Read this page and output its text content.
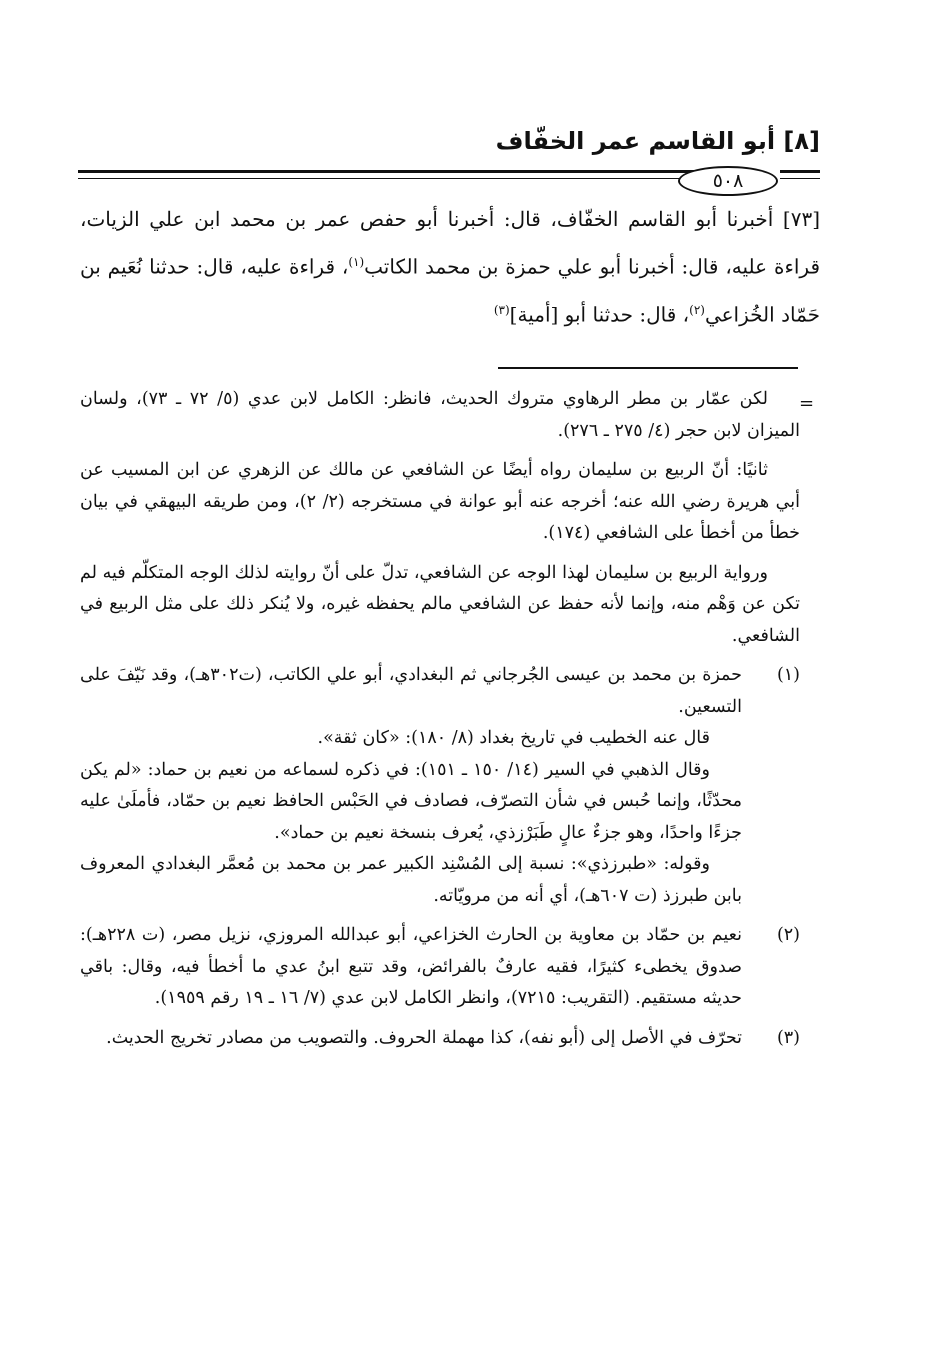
[٨] أبو القاسم عمر الخفّاف
٥٠٨

[٧٣] أخبرنا أبو القاسم الخفّاف، قال: أخبرنا أبو حفص عمر بن محمد ابن علي الزيات، قراءة عليه، قال: أخبرنا أبو علي حمزة بن محمد الكاتب$^{(١)}$، قراءة عليه، قال: حدثنا نُعَيم بن حَمّاد الخُزاعي$^{(٢)}$، قال: حدثنا أبو [أمية]$^{(٣)}$

=

لكن عمّار بن مطر الرهاوي متروك الحديث، فانظر: الكامل لابن عدي (٥/ ٧٢ ـ ٧٣)، ولسان الميزان لابن حجر (٤/ ٢٧٥ ـ ٢٧٦).

ثانيًا: أنّ الربيع بن سليمان رواه أيضًا عن الشافعي عن مالك عن الزهري عن ابن المسيب عن أبي هريرة رضي الله عنه؛ أخرجه عنه أبو عوانة في مستخرجه (٢/ ٢)، ومن طريقه البيهقي في بيان خطأ من أخطأ على الشافعي (١٧٤).

ورواية الربيع بن سليمان لهذا الوجه عن الشافعي، تدلّ على أنّ روايته لذلك الوجه المتكلّم فيه لم تكن عن وَهْم منه، وإنما لأنه حفظ عن الشافعي مالم يحفظه غيره، ولا يُنكر ذلك على مثل الربيع في الشافعي.

(١)

حمزة بن محمد بن عيسى الجُرجاني ثم البغدادي، أبو علي الكاتب، (ت٣٠٢هـ)، وقد نَيّفَ على التسعين.

قال عنه الخطيب في تاريخ بغداد (٨/ ١٨٠): «كان ثقة».

وقال الذهبي في السير (١٤/ ١٥٠ ـ ١٥١): في ذكره لسماعه من نعيم بن حماد: «لم يكن محدّثًا، وإنما حُبس في شأن التصرّف، فصادف في الحَبْس الحافظ نعيم بن حمّاد، فأملَىٰ عليه جزءًا واحدًا، وهو جزءٌ عالٍ طَبَرْزذي، يُعرف بنسخة نعيم بن حماد».

وقوله: «طبرزذي»: نسبة إلى المُسْنِد الكبير عمر بن محمد بن مُعمَّر البغدادي المعروف بابن طبرزذ (ت ٦٠٧هـ)، أي أنه من مرويّاته.

(٢)

نعيم بن حمّاد بن معاوية بن الحارث الخزاعي، أبو عبدالله المروزي، نزيل مصر، (ت ٢٢٨هـ): صدوق يخطىء كثيرًا، فقيه عارفٌ بالفرائض، وقد تتبع ابنُ عدي ما أخطأ فيه، وقال: باقي حديثه مستقيم. (التقريب: ٧٢١٥)، وانظر الكامل لابن عدي (٧/ ١٦ ـ ١٩ رقم ١٩٥٩).

(٣)

تحرّف في الأصل إلى (أبو نفه)، كذا مهملة الحروف. والتصويب من مصادر تخريج الحديث.
